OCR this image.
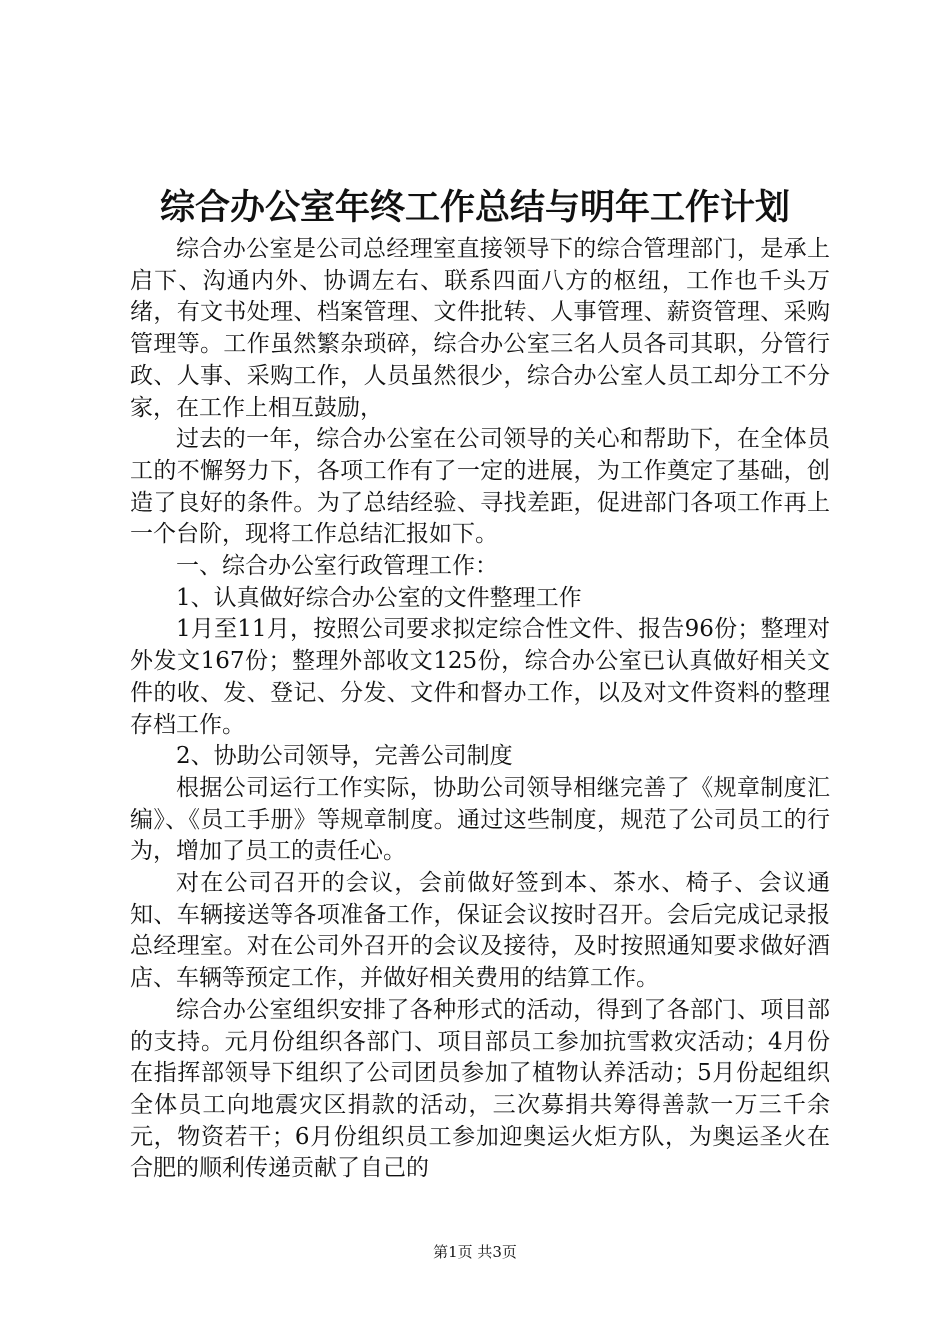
综合办公室年终工作总结与明年工作计划

综合办公室是公司总经理室直接领导下的综合管理部门，是承上启下、沟通内外、协调左右、联系四面八方的枢纽，工作也千头万绪，有文书处理、档案管理、文件批转、人事管理、薪资管理、采购管理等。工作虽然繁杂琐碎，综合办公室三名人员各司其职，分管行政、人事、采购工作，人员虽然很少，综合办公室人员工却分工不分家，在工作上相互鼓励，

过去的一年，综合办公室在公司领导的关心和帮助下，在全体员工的不懈努力下，各项工作有了一定的进展，为工作奠定了基础，创造了良好的条件。为了总结经验、寻找差距，促进部门各项工作再上一个台阶，现将工作总结汇报如下。

一、综合办公室行政管理工作：

1、认真做好综合办公室的文件整理工作

1月至11月，按照公司要求拟定综合性文件、报告96份；整理对外发文167份；整理外部收文125份，综合办公室已认真做好相关文件的收、发、登记、分发、文件和督办工作，以及对文件资料的整理存档工作。

2、协助公司领导，完善公司制度

根据公司运行工作实际，协助公司领导相继完善了《规章制度汇编》、《员工手册》等规章制度。通过这些制度，规范了公司员工的行为，增加了员工的责任心。

对在公司召开的会议，会前做好签到本、茶水、椅子、会议通知、车辆接送等各项准备工作，保证会议按时召开。会后完成记录报总经理室。对在公司外召开的会议及接待，及时按照通知要求做好酒店、车辆等预定工作，并做好相关费用的结算工作。

综合办公室组织安排了各种形式的活动，得到了各部门、项目部的支持。元月份组织各部门、项目部员工参加抗雪救灾活动；4月份在指挥部领导下组织了公司团员参加了植物认养活动；5月份起组织全体员工向地震灾区捐款的活动，三次募捐共筹得善款一万三千余元，物资若干；6月份组织员工参加迎奥运火炬方队，为奥运圣火在合肥的顺利传递贡献了自己的

第1页 共3页
